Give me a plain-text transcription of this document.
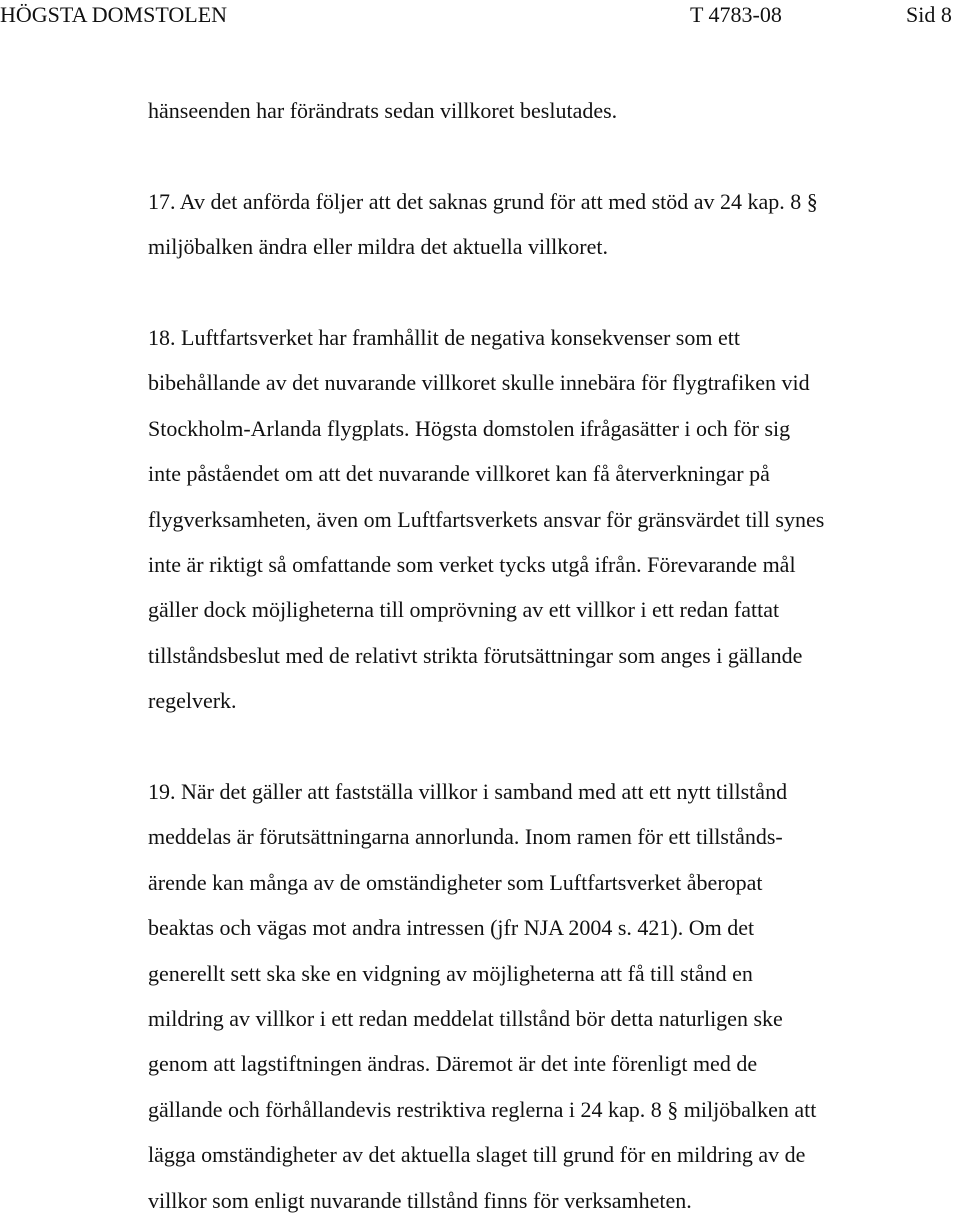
HÖGSTA DOMSTOLEN	T 4783-08	Sid 8

hänseenden har förändrats sedan villkoret beslutades.

17. Av det anförda följer att det saknas grund för att med stöd av 24 kap. 8 §

miljöbalken ändra eller mildra det aktuella villkoret.

18. Luftfartsverket har framhållit de negativa konsekvenser som ett

bibehållande av det nuvarande villkoret skulle innebära för flygtrafiken vid

Stockholm-Arlanda flygplats. Högsta domstolen ifrågasätter i och för sig

inte påståendet om att det nuvarande villkoret kan få återverkningar på

flygverksamheten, även om Luftfartsverkets ansvar för gränsvärdet till synes

inte är riktigt så omfattande som verket tycks utgå ifrån. Förevarande mål

gäller dock möjligheterna till omprövning av ett villkor i ett redan fattat

tillståndsbeslut med de relativt strikta förutsättningar som anges i gällande

regelverk.

19. När det gäller att fastställa villkor i samband med att ett nytt tillstånd

meddelas är förutsättningarna annorlunda. Inom ramen för ett tillstånds-

ärende kan många av de omständigheter som Luftfartsverket åberopat

beaktas och vägas mot andra intressen (jfr NJA 2004 s. 421). Om det

generellt sett ska ske en vidgning av möjligheterna att få till stånd en

mildring av villkor i ett redan meddelat tillstånd bör detta naturligen ske

genom att lagstiftningen ändras. Däremot är det inte förenligt med de

gällande och förhållandevis restriktiva reglerna i 24 kap. 8 § miljöbalken att

lägga omständigheter av det aktuella slaget till grund för en mildring av de

villkor som enligt nuvarande tillstånd finns för verksamheten.
